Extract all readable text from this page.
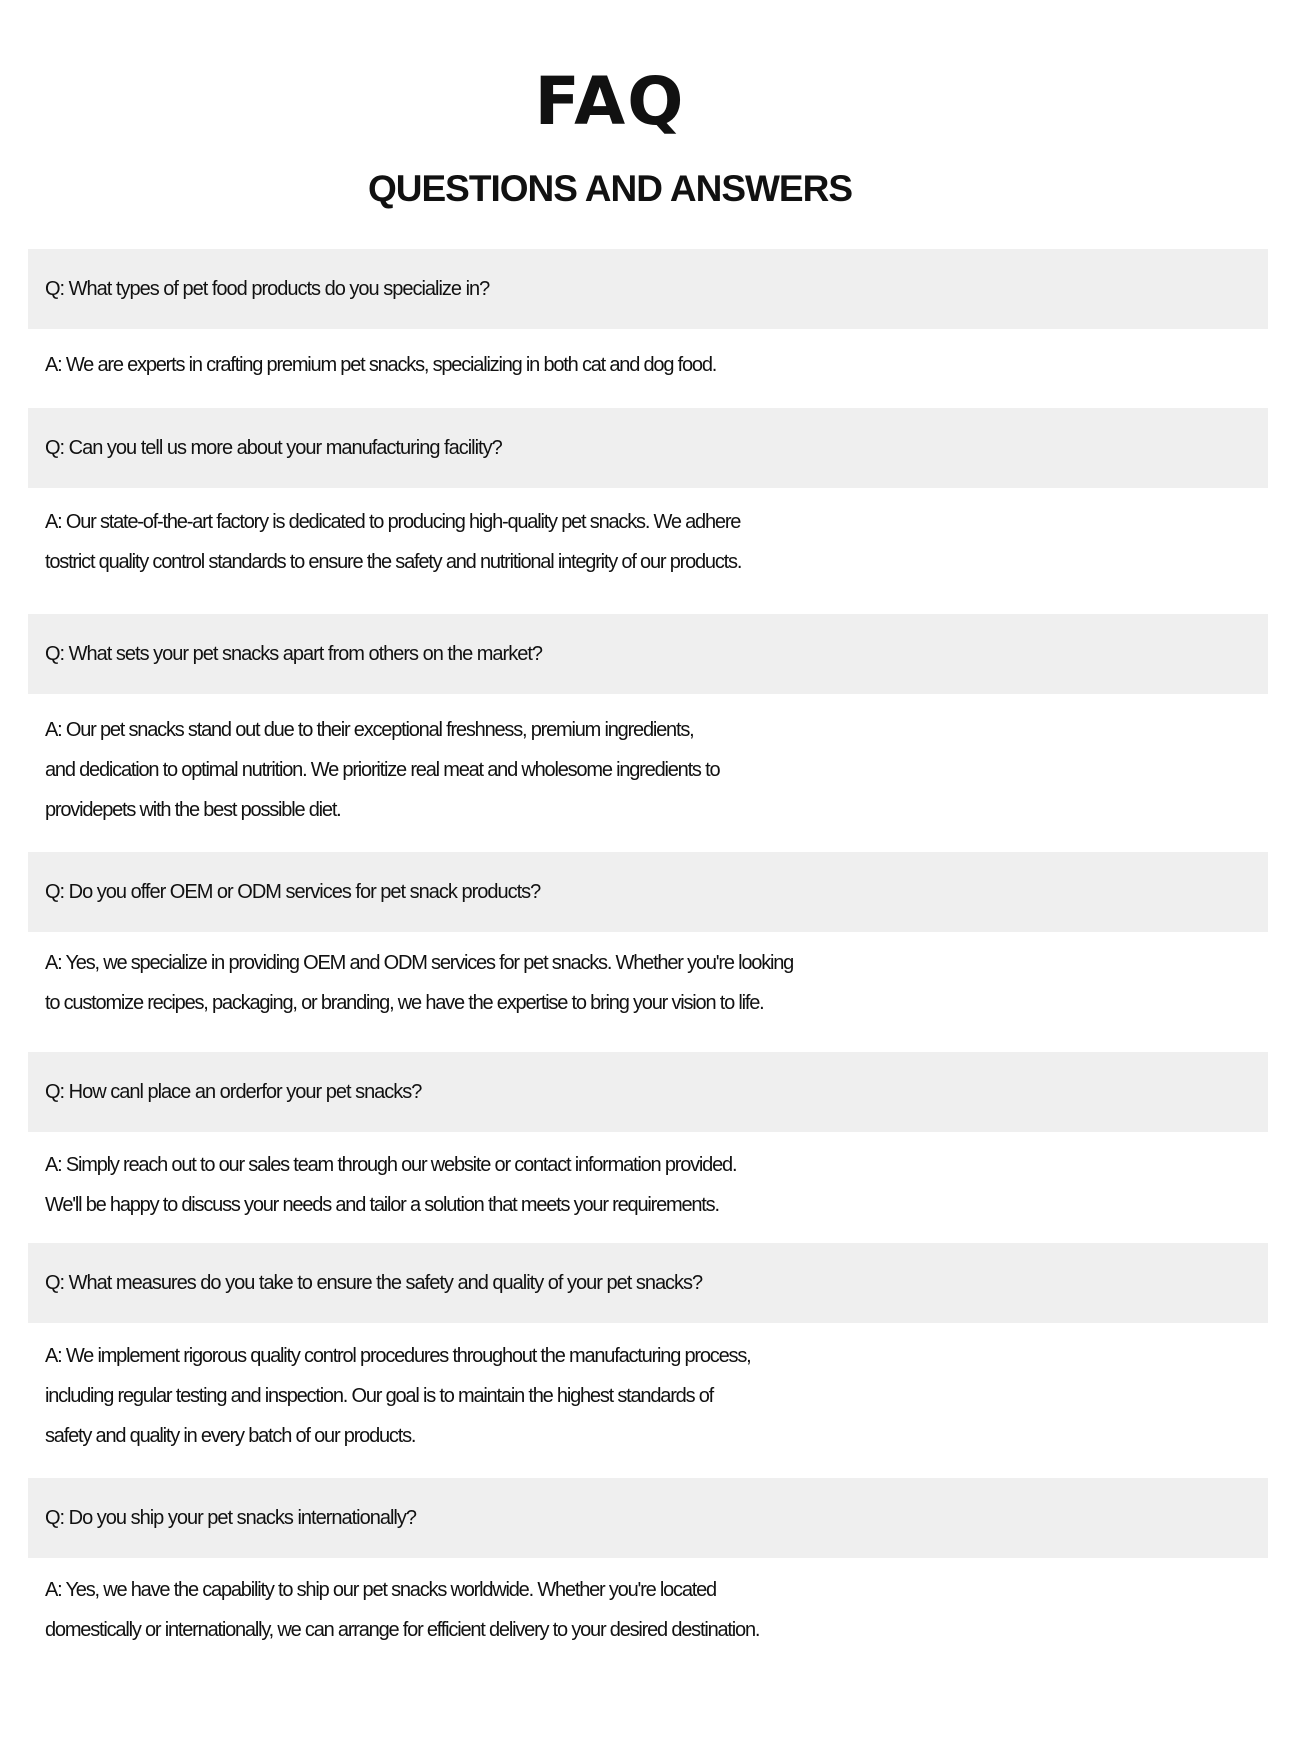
FAQ
QUESTIONS AND ANSWERS
Q: What types of pet food products do you specialize in?
A: We are experts in crafting premium pet snacks, specializing in both cat and dog food.
Q: Can you tell us more about your manufacturing facility?
A: Our state-of-the-art factory is dedicated to producing high-quality pet snacks. We adhere
tostrict quality control standards to ensure the safety and nutritional integrity of our products.
Q: What sets your pet snacks apart from others on the market?
A: Our pet snacks stand out due to their exceptional freshness, premium ingredients,
and dedication to optimal nutrition. We prioritize real meat and wholesome ingredients to
providepets with the best possible diet.
Q: Do you offer OEM or ODM services for pet snack products?
A: Yes, we specialize in providing OEM and ODM services for pet snacks. Whether you're looking
to customize recipes, packaging, or branding, we have the expertise to bring your vision to life.
Q: How canl place an orderfor your pet snacks?
A: Simply reach out to our sales team through our website or contact information provided.
We'll be happy to discuss your needs and tailor a solution that meets your requirements.
Q: What measures do you take to ensure the safety and quality of your pet snacks?
A: We implement rigorous quality control procedures throughout the manufacturing process,
including regular testing and inspection. Our goal is to maintain the highest standards of
safety and quality in every batch of our products.
Q: Do you ship your pet snacks internationally?
A: Yes, we have the capability to ship our pet snacks worldwide. Whether you're located
domestically or internationally, we can arrange for efficient delivery to your desired destination.
